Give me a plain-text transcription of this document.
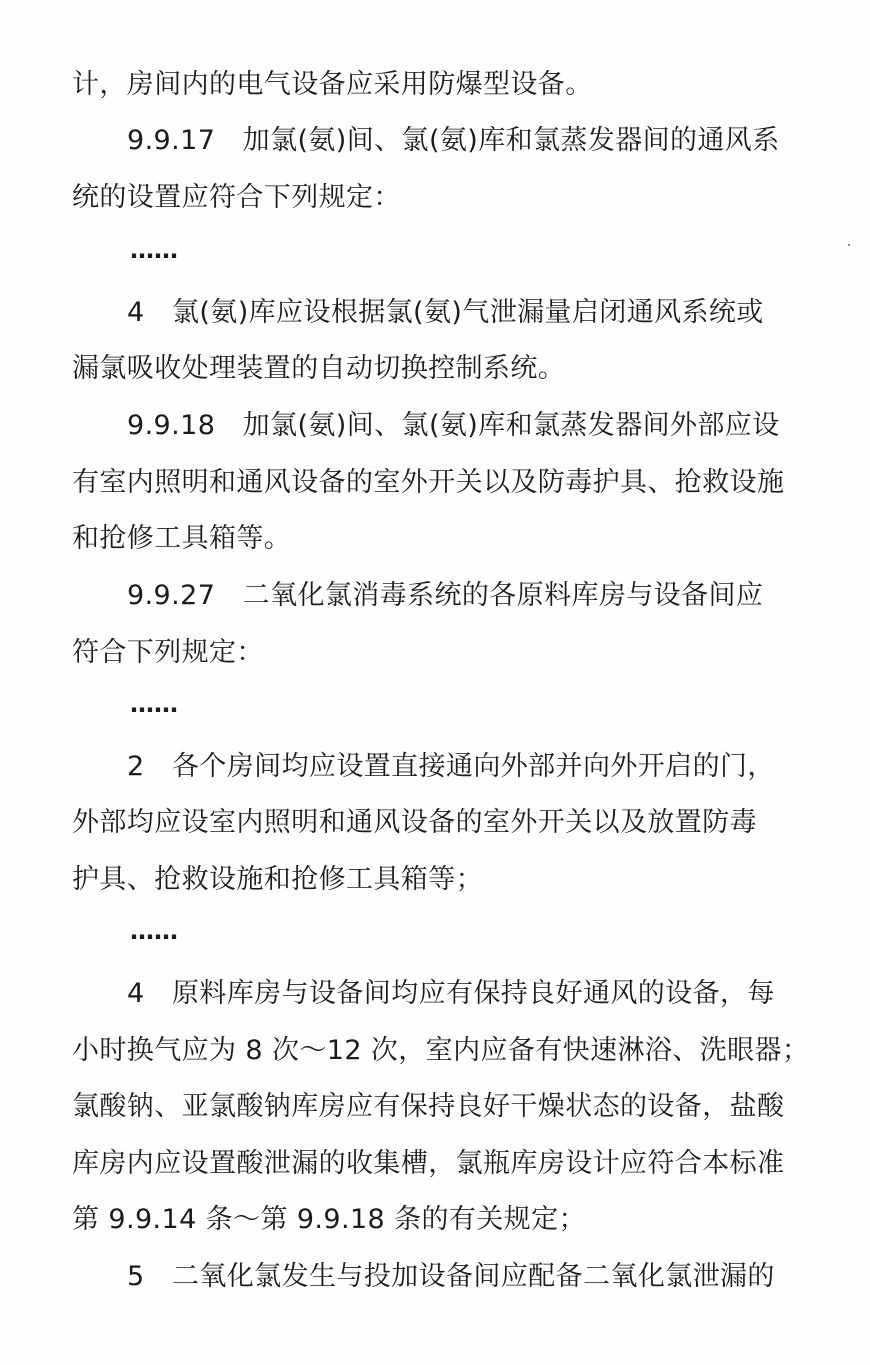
计，房间内的电气设备应采用防爆型设备。
9.9.17　加氯(氨)间、氯(氨)库和氯蒸发器间的通风系
统的设置应符合下列规定：
……
4　氯(氨)库应设根据氯(氨)气泄漏量启闭通风系统或
漏氯吸收处理装置的自动切换控制系统。
9.9.18　加氯(氨)间、氯(氨)库和氯蒸发器间外部应设
有室内照明和通风设备的室外开关以及防毒护具、抢救设施
和抢修工具箱等。
9.9.27　二氧化氯消毒系统的各原料库房与设备间应
符合下列规定：
……
2　各个房间均应设置直接通向外部并向外开启的门，
外部均应设室内照明和通风设备的室外开关以及放置防毒
护具、抢救设施和抢修工具箱等；
……
4　原料库房与设备间均应有保持良好通风的设备，每
小时换气应为 8 次～12 次，室内应备有快速淋浴、洗眼器；
氯酸钠、亚氯酸钠库房应有保持良好干燥状态的设备，盐酸
库房内应设置酸泄漏的收集槽，氯瓶库房设计应符合本标准
第 9.9.14 条～第 9.9.18 条的有关规定；
5　二氧化氯发生与投加设备间应配备二氧化氯泄漏的
